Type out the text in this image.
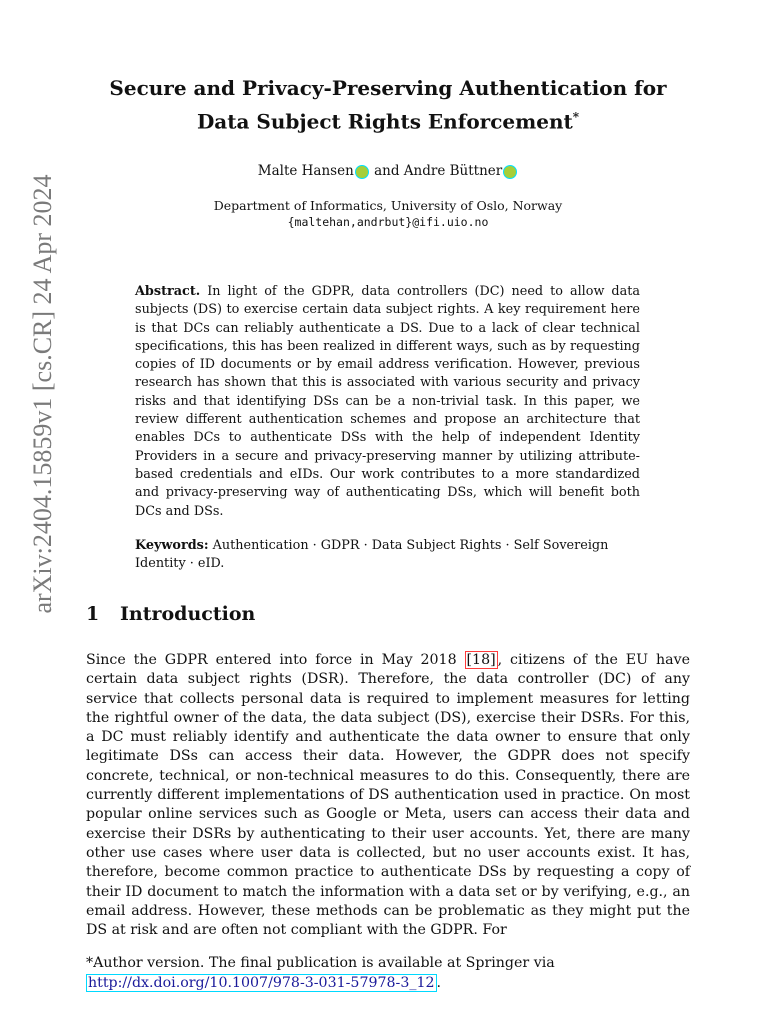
arXiv:2404.15859v1 [cs.CR] 24 Apr 2024
Secure and Privacy-Preserving Authentication for
Data Subject Rights Enforcement*
Malte Hansen and Andre Büttner
Department of Informatics, University of Oslo, Norway
{maltehan,andrbut}@ifi.uio.no
Abstract. In light of the GDPR, data controllers (DC) need to allow data subjects (DS) to exercise certain data subject rights. A key requirement here is that DCs can reliably authenticate a DS. Due to a lack of clear technical specifications, this has been realized in different ways, such as by requesting copies of ID documents or by email address verification. However, previous research has shown that this is associated with various security and privacy risks and that identifying DSs can be a non-trivial task. In this paper, we review different authentication schemes and propose an architecture that enables DCs to authenticate DSs with the help of independent Identity Providers in a secure and privacy-preserving manner by utilizing attribute-based credentials and eIDs. Our work contributes to a more standardized and privacy-preserving way of authenticating DSs, which will benefit both DCs and DSs.
Keywords: Authentication · GDPR · Data Subject Rights · Self Sovereign Identity · eID.
1 Introduction
Since the GDPR entered into force in May 2018 [18] , citizens of the EU have certain data subject rights (DSR). Therefore, the data controller (DC) of any service that collects personal data is required to implement measures for letting the rightful owner of the data, the data subject (DS), exercise their DSRs. For this, a DC must reliably identify and authenticate the data owner to ensure that only legitimate DSs can access their data. However, the GDPR does not specify concrete, technical, or non-technical measures to do this. Consequently, there are currently different implementations of DS authentication used in practice. On most popular online services such as Google or Meta, users can access their data and exercise their DSRs by authenticating to their user accounts. Yet, there are many other use cases where user data is collected, but no user accounts exist. It has, therefore, become common practice to authenticate DSs by requesting a copy of their ID document to match the information with a data set or by verifying, e.g., an email address. However, these methods can be problematic as they might put the DS at risk and are often not compliant with the GDPR. For
*Author version. The final publication is available at Springer via
http://dx.doi.org/10.1007/978-3-031-57978-3_12 .
